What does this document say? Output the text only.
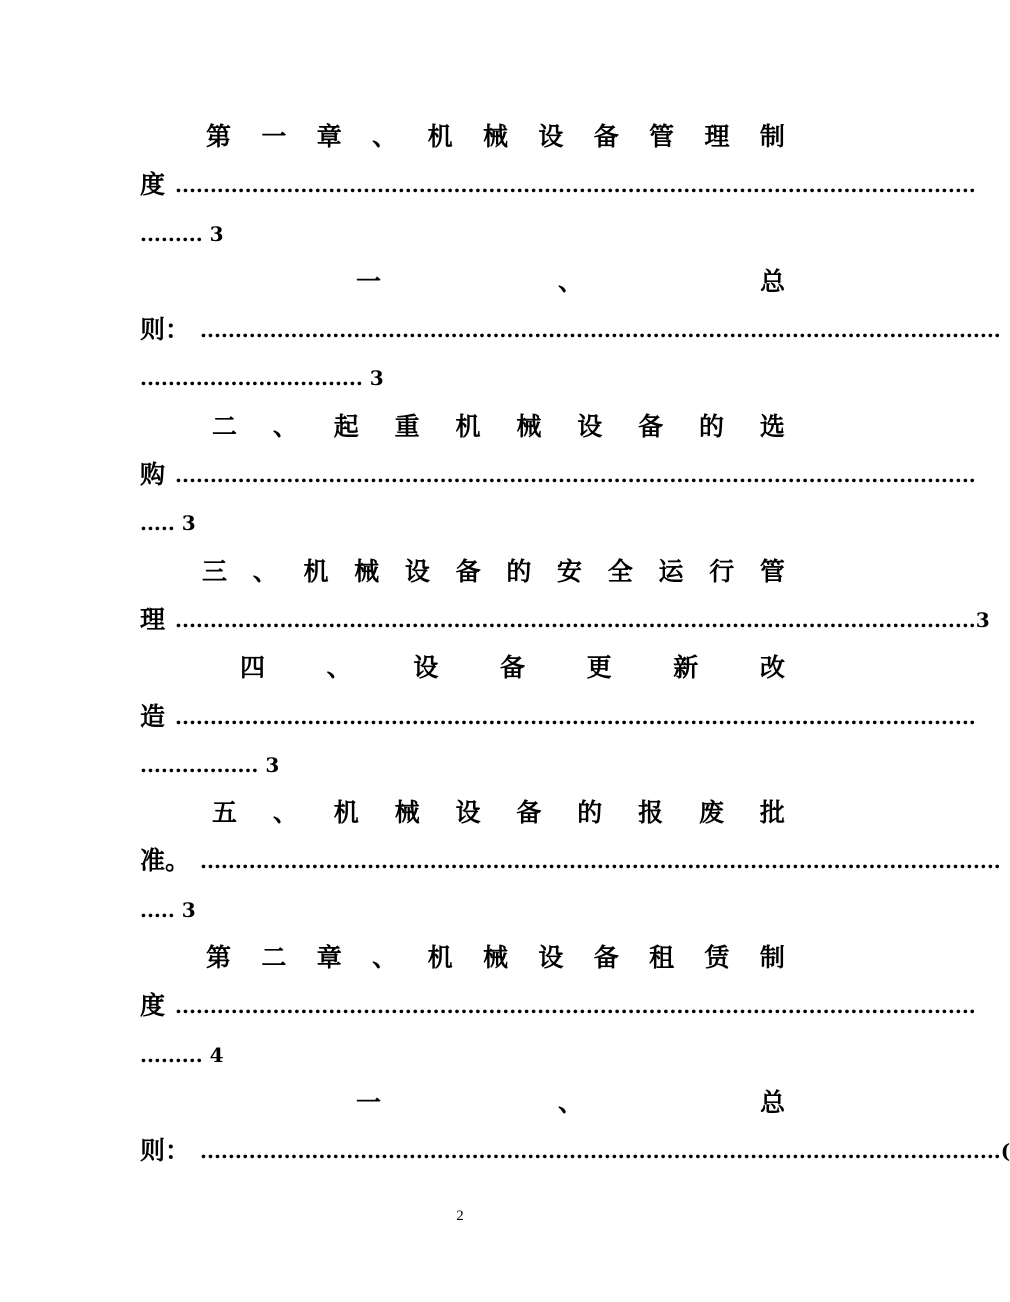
第 一 章 、 机 械 设 备 管 理 制
度 ...................................................................................................................
......... 3
一	、	总
则： ...................................................................................................................
................................ 3
二 、 起 重 机 械 设 备 的 选
购 ...................................................................................................................
..... 3
三 、 机 械 设 备 的 安 全 运 行 管
理 ................................................................................................................... 3
四 、 设 备 更 新 改
造 ...................................................................................................................
................. 3
五 、 机 械 设 备 的 报 废 批
准。 ...................................................................................................................
..... 3
第 二 章 、 机 械 设 备 租 赁 制
度 ...................................................................................................................
......... 4
一	、	总
则： ................................................................................................................... (
2
